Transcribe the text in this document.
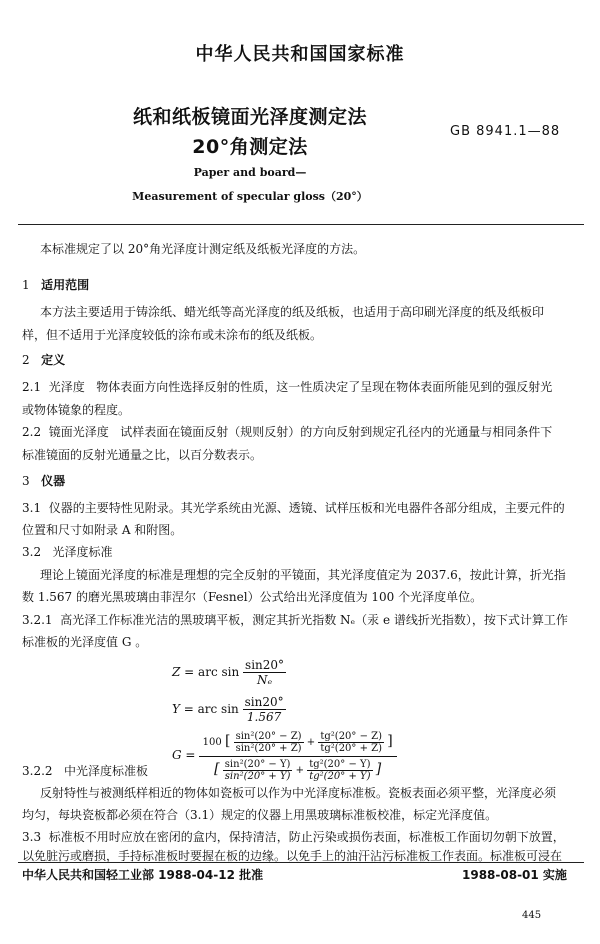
中华人民共和国国家标准
纸和纸板镜面光泽度测定法
20°角测定法
GB 8941.1—88
Paper and board—
Measurement of specular gloss（20°）
本标准规定了以 20°角光泽度计测定纸及纸板光泽度的方法。
1 适用范围
本方法主要适用于铸涂纸、蜡光纸等高光泽度的纸及纸板，也适用于高印刷光泽度的纸及纸板印
样，但不适用于光泽度较低的涂布或未涂布的纸及纸板。
2 定义
2.1 光泽度 物体表面方向性选择反射的性质，这一性质决定了呈现在物体表面所能见到的强反射光
或物体镜象的程度。
2.2 镜面光泽度 试样表面在镜面反射（规则反射）的方向反射到规定孔径内的光通量与相同条件下
标准镜面的反射光通量之比，以百分数表示。
3 仪器
3.1 仪器的主要特性见附录。其光学系统由光源、透镜、试样压板和光电器件各部分组成，主要元件的
位置和尺寸如附录 A 和附图。
3.2 光泽度标准
理论上镜面光泽度的标准是理想的完全反射的平镜面，其光泽度值定为 2037.6，按此计算，折光指
数 1.567 的磨光黑玻璃由菲涅尔（Fesnel）公式给出光泽度值为 100 个光泽度单位。
3.2.1 高光泽工作标准光洁的黑玻璃平板，测定其折光指数 Nₑ（汞 e 谱线折光指数），按下式计算工作
标准板的光泽度值 G 。
Z = arc $\sin \frac{\sin 20^\circ}{\text{Nₑ}}$
Y = arc $\sin \frac{\sin 20^\circ}{1.567}$
G =
100 [ $\frac{\text{sin²(20° − Z)}}{\text{sin²(20° + Z)}} + \frac{\text{tg²(20° − Z)}}{\text{tg²(20° + Z)}}$ ]
[ $\frac{\text{sin²(20° − Y)}}{\text{sin²(20° + Y)}} + \frac{\text{tg²(20° − Y)}}{\text{tg²(20° + Y)}}$ ]
3.2.2 中光泽度标准板
反射特性与被测纸样相近的物体如瓷板可以作为中光泽度标准板。瓷板表面必须平整，光泽度必须
均匀，每块瓷板都必须在符合（3.1）规定的仪器上用黑玻璃标准板校准，标定光泽度值。
3.3 标准板不用时应放在密闭的盒内，保持清洁，防止污染或损伤表面，标准板工作面切勿朝下放置，
以免脏污或磨损，手持标准板时要握在板的边缘。以免手上的油汗沾污标准板工作表面。标准板可浸在
中华人民共和国轻工业部 1988-04-12 批准	1988-08-01 实施
445
